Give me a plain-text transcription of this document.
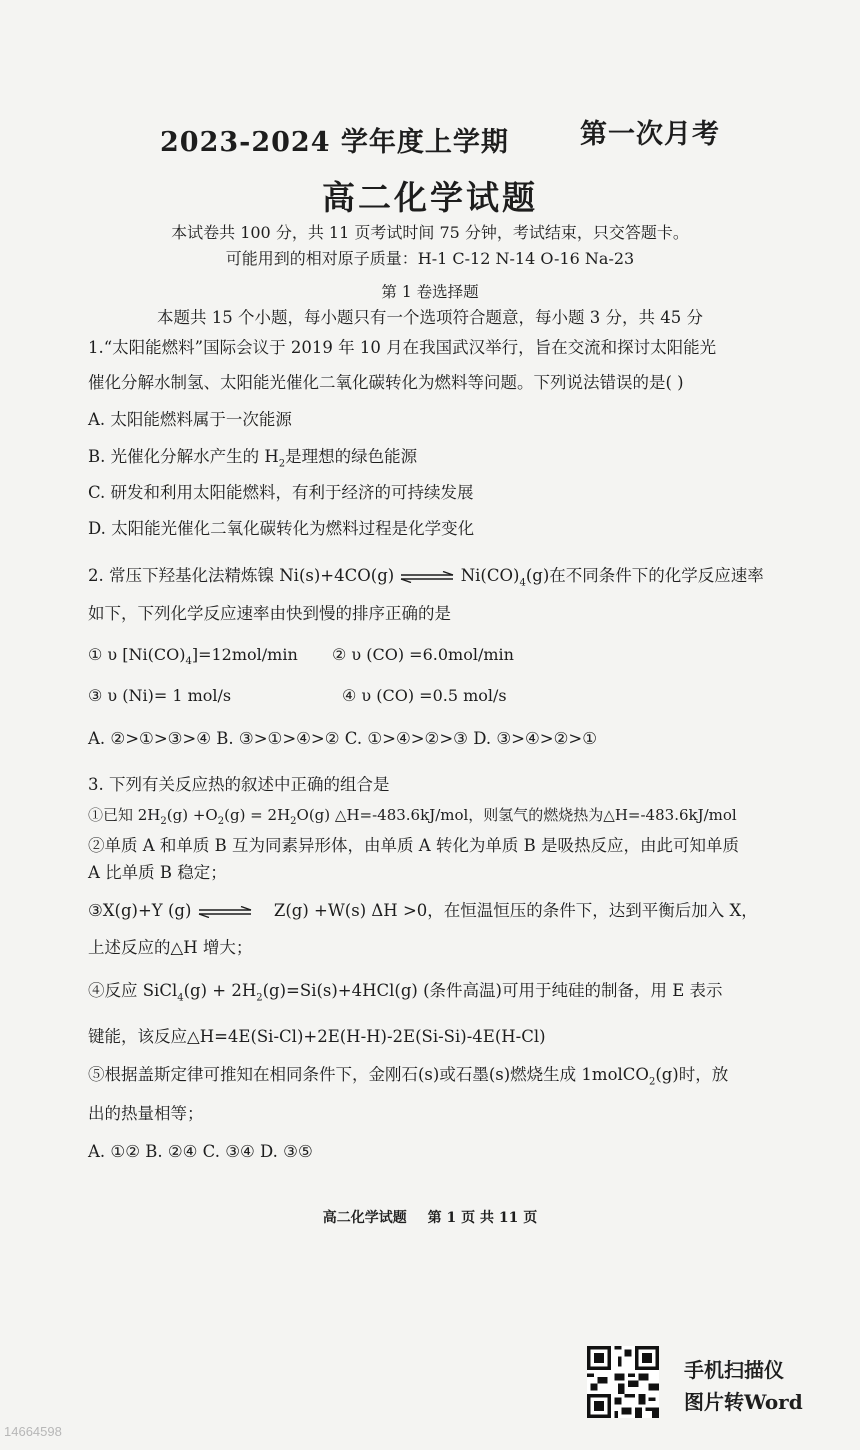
2023-2024 学年度上学期	第一次月考
高二化学试题
本试卷共 100 分，共 11 页考试时间 75 分钟，考试结束，只交答题卡。
可能用到的相对原子质量：H-1 C-12 N-14 O-16 Na-23
第 1 卷选择题
本题共 15 个小题，每小题只有一个选项符合题意，每小题 3 分，共 45 分
1.“太阳能燃料”国际会议于 2019 年 10 月在我国武汉举行，旨在交流和探讨太阳能光
催化分解水制氢、太阳能光催化二氧化碳转化为燃料等问题。下列说法错误的是( )
A. 太阳能燃料属于一次能源
B. 光催化分解水产生的 $H_2$是理想的绿色能源
C. 研发和利用太阳能燃料，有利于经济的可持续发展
D. 太阳能光催化二氧化碳转化为燃料过程是化学变化
2. 常压下羟基化法精炼镍 Ni(s)+4CO(g) ⇌ $Ni(CO)_4(g)$在不同条件下的化学反应速率
如下，下列化学反应速率由快到慢的排序正确的是
① υ $[Ni(CO)_4]=12mol/\min$ ② υ (CO) =6.0mol/min
③ υ (Ni)= 1 mol/s	④ υ (CO) =0.5 mol/s
A. ②>①>③>④ B. ③>①>④>② C. ①>④>②>③ D. ③>④>②>①
3. 下列有关反应热的叙述中正确的组合是
①已知 $2H_2(g) +O_2(g) = 2H_2O(g)$ △H=-483.6kJ/mol，则氢气的燃烧热为△H=-483.6kJ/mol
②单质 A 和单质 B 互为同素异形体，由单质 A 转化为单质 B 是吸热反应，由此可知单质
A 比单质 B 稳定；
③X(g)+Y (g) ⇌ Z(g) +W(s) ΔH >0，在恒温恒压的条件下，达到平衡后加入 X，
上述反应的△H 增大；
④反应 SiCl$_4$(g) + $2H_2(g)=Si(s)+4HCl(g)$ (条件高温)可用于纯硅的制备，用 E 表示
键能，该反应△H=4E(Si-Cl)+2E(H-H)-2E(Si-Si)-4E(H-Cl)
⑤根据盖斯定律可推知在相同条件下，金刚石(s)或石墨(s)燃烧生成 1molCO$_2$(g)时，放
出的热量相等；
A. ①② B. ②④ C. ③④ D. ③⑤
高二化学试题 第 1 页 共 11 页
手机扫描仪
图片转Word
14664598
